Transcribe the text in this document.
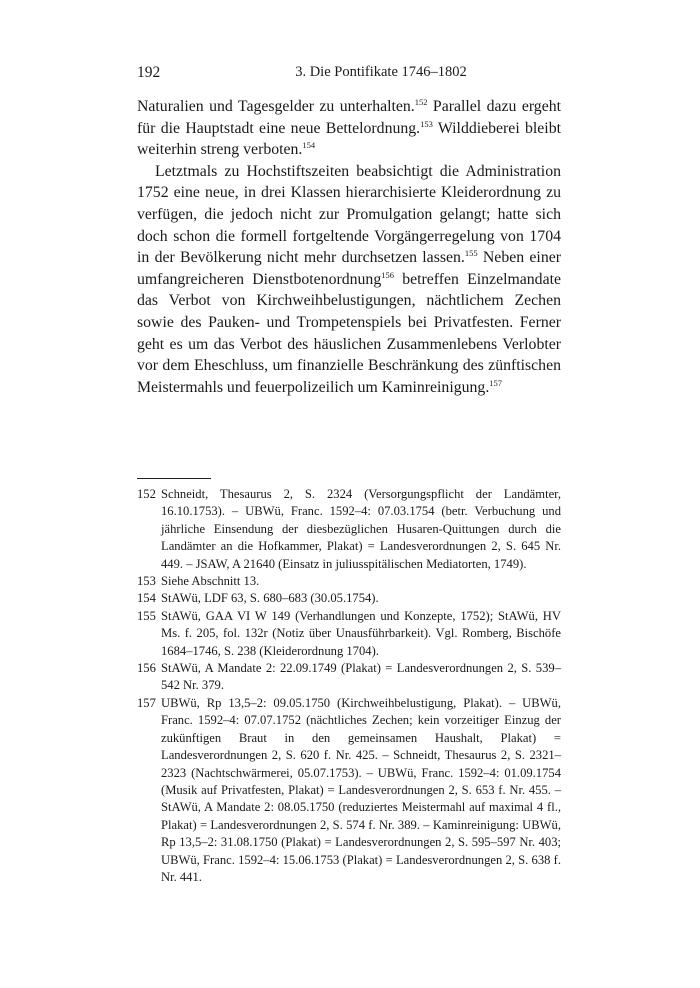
192	3. Die Pontifikate 1746–1802

Naturalien und Tagesgelder zu unterhalten.$^{152}$ Parallel dazu ergeht für die Hauptstadt eine neue Bettelordnung.$^{153}$ Wilddieberei bleibt weiterhin streng verboten.$^{154}$

Letztmals zu Hochstiftszeiten beabsichtigt die Administration 1752 eine neue, in drei Klassen hierarchisierte Kleiderordnung zu verfügen, die jedoch nicht zur Promulgation gelangt; hatte sich doch schon die formell fortgeltende Vorgängerregelung von 1704 in der Bevölkerung nicht mehr durchsetzen lassen.$^{155}$ Neben einer umfangreicheren Dienstbotenordnung$^{156}$ betreffen Einzelmandate das Verbot von Kirchweihbelustigungen, nächtlichem Zechen sowie des Pauken- und Trompetenspiels bei Privatfesten. Ferner geht es um das Verbot des häuslichen Zusammenlebens Verlobter vor dem Eheschluss, um finanzielle Beschränkung des zünftischen Meistermahls und feuerpolizeilich um Kaminreinigung.$^{157}$

152 Schneidt, Thesaurus 2, S. 2324 (Versorgungspflicht der Landämter, 16.10.1753). – UBWü, Franc. 1592–4: 07.03.1754 (betr. Verbuchung und jährliche Einsendung der diesbezüglichen Husaren-Quittungen durch die Landämter an die Hofkammer, Plakat) = Landesverordnungen 2, S. 645 Nr. 449. – JSAW, A 21640 (Einsatz in juliusspitälischen Mediatorten, 1749).
153 Siehe Abschnitt 13.
154 StAWü, LDF 63, S. 680–683 (30.05.1754).
155 StAWü, GAA VI W 149 (Verhandlungen und Konzepte, 1752); StAWü, HV Ms. f. 205, fol. 132r (Notiz über Unausführbarkeit). Vgl. Romberg, Bischöfe 1684–1746, S. 238 (Kleiderordnung 1704).
156 StAWü, A Mandate 2: 22.09.1749 (Plakat) = Landesverordnungen 2, S. 539–542 Nr. 379.
157 UBWü, Rp 13,5–2: 09.05.1750 (Kirchweihbelustigung, Plakat). – UBWü, Franc. 1592–4: 07.07.1752 (nächtliches Zechen; kein vorzeitiger Einzug der zukünftigen Braut in den gemeinsamen Haushalt, Plakat) = Landesverordnungen 2, S. 620 f. Nr. 425. – Schneidt, Thesaurus 2, S. 2321–2323 (Nachtschwärmerei, 05.07.1753). – UBWü, Franc. 1592–4: 01.09.1754 (Musik auf Privatfesten, Plakat) = Landesverordnungen 2, S. 653 f. Nr. 455. – StAWü, A Mandate 2: 08.05.1750 (reduziertes Meistermahl auf maximal 4 fl., Plakat) = Landesverordnungen 2, S. 574 f. Nr. 389. – Kaminreinigung: UBWü, Rp 13,5–2: 31.08.1750 (Plakat) = Landesverordnungen 2, S. 595–597 Nr. 403; UBWü, Franc. 1592–4: 15.06.1753 (Plakat) = Landesverordnungen 2, S. 638 f. Nr. 441.
